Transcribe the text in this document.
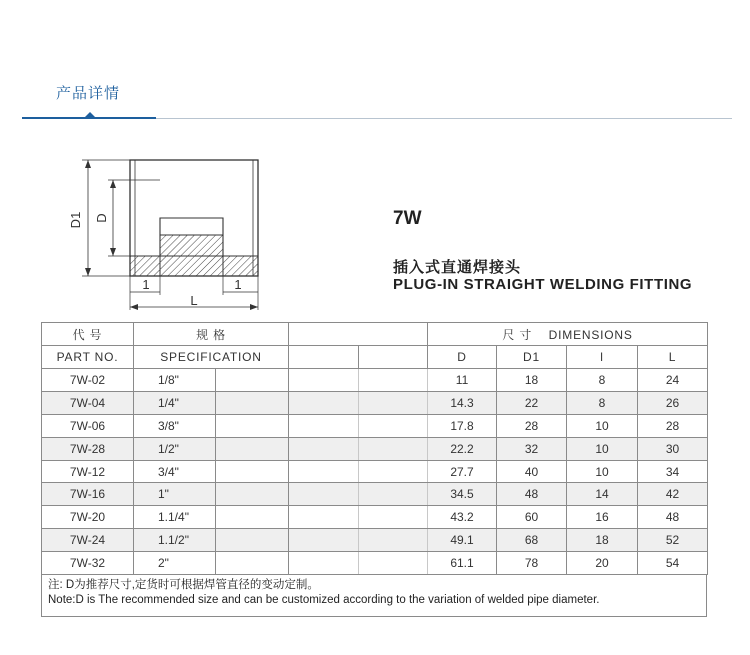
产品详情
D1 D
1	1
L
7W
插入式直通焊接头
PLUG-IN STRAIGHT WELDING FITTING
代 号	规 格				尺 寸 DIMENSIONS			
PART NO.	SPECIFICATION				D	D1	l	L
7W-02	1/8"				11	18	8	24
7W-04	1/4"				14.3	22	8	26
7W-06	3/8"				17.8	28	10	28
7W-28	1/2"				22.2	32	10	30
7W-12	3/4"				27.7	40	10	34
7W-16	1"				34.5	48	14	42
7W-20	1.1/4"				43.2	60	16	48
7W-24	1.1/2"				49.1	68	18	52
7W-32	2"				61.1	78	20	54
注: D为推荐尺寸,定货时可根据焊管直径的变动定制。
Note:D is The recommended size and can be customized according to the variation of welded pipe diameter.
